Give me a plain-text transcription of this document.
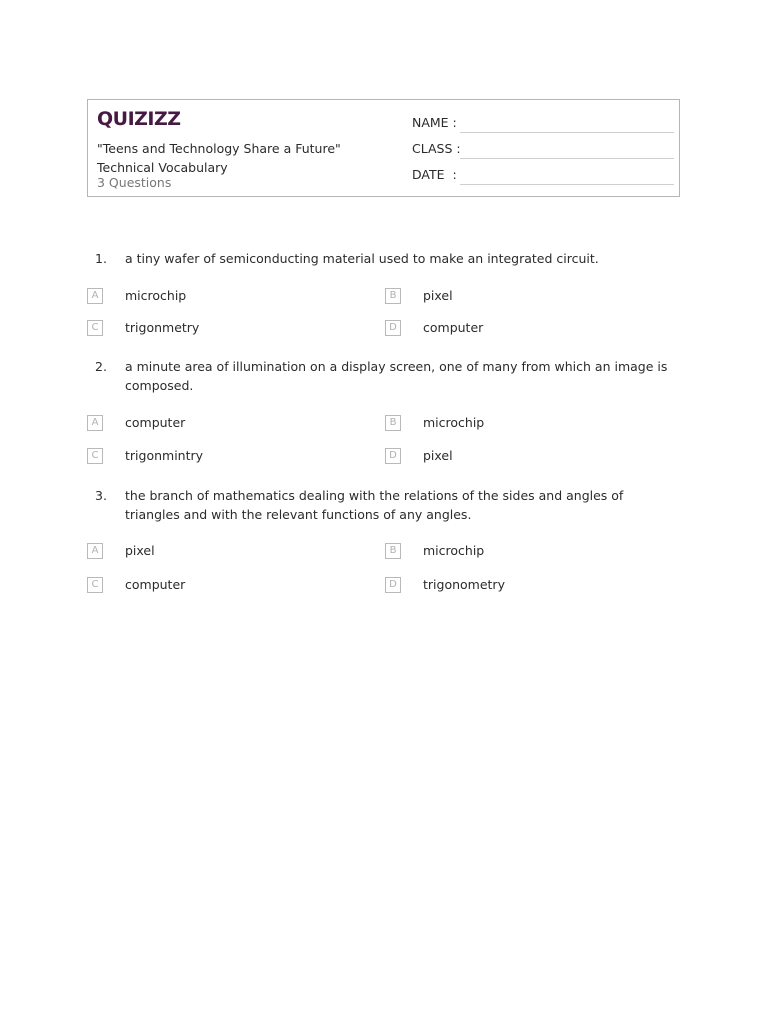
QUIZIZZ
"Teens and Technology Share a Future" Technical Vocabulary
3 Questions
NAME :
CLASS :
DATE  :
1. a tiny wafer of semiconducting material used to make an integrated circuit.
A	microchip	B	pixel
C	trigonmetry	D	computer
2. a minute area of illumination on a display screen, one of many from which an image is composed.
A	computer	B	microchip
C	trigonmintry	D	pixel
3. the branch of mathematics dealing with the relations of the sides and angles of triangles and with the relevant functions of any angles.
A	pixel	B	microchip
C	computer	D	trigonometry
